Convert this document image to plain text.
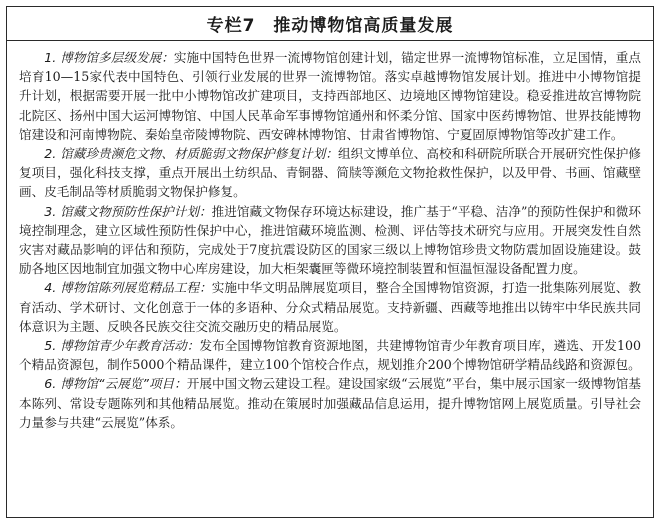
专栏7 推动博物馆高质量发展

1. 博物馆多层级发展：实施中国特色世界一流博物馆创建计划，锚定世界一流博物馆标准，立足国情，重点培育10—15家代表中国特色、引领行业发展的世界一流博物馆。落实卓越博物馆发展计划。推进中小博物馆提升计划，根据需要开展一批中小博物馆改扩建项目，支持西部地区、边境地区博物馆建设。稳妥推进故宫博物院北院区、扬州中国大运河博物馆、中国人民革命军事博物馆通州和怀柔分馆、国家中医药博物馆、世界技能博物馆建设和河南博物院、秦始皇帝陵博物院、西安碑林博物馆、甘肃省博物馆、宁夏固原博物馆等改扩建工作。

2. 馆藏珍贵濒危文物、材质脆弱文物保护修复计划：组织文博单位、高校和科研院所联合开展研究性保护修复项目，强化科技支撑，重点开展出土纺织品、青铜器、简牍等濒危文物抢救性保护，以及甲骨、书画、馆藏壁画、皮毛制品等材质脆弱文物保护修复。

3. 馆藏文物预防性保护计划：推进馆藏文物保存环境达标建设，推广基于“平稳、洁净”的预防性保护和微环境控制理念，建立区域性预防性保护中心，推进馆藏环境监测、检测、评估等技术研究与应用。开展突发性自然灾害对藏品影响的评估和预防，完成处于7度抗震设防区的国家三级以上博物馆珍贵文物防震加固设施建设。鼓励各地区因地制宜加强文物中心库房建设，加大柜架囊匣等微环境控制装置和恒温恒湿设备配置力度。

4. 博物馆陈列展览精品工程：实施中华文明品牌展览项目，整合全国博物馆资源，打造一批集陈列展览、教育活动、学术研讨、文化创意于一体的多语种、分众式精品展览。支持新疆、西藏等地推出以铸牢中华民族共同体意识为主题、反映各民族交往交流交融历史的精品展览。

5. 博物馆青少年教育活动：发布全国博物馆教育资源地图，共建博物馆青少年教育项目库，遴选、开发100个精品资源包，制作5000个精品课件，建立100个馆校合作点，规划推介200个博物馆研学精品线路和资源包。

6. 博物馆“云展览”项目：开展中国文物云建设工程。建设国家级“云展览”平台，集中展示国家一级博物馆基本陈列、常设专题陈列和其他精品展览。推动在策展时加强藏品信息运用，提升博物馆网上展览质量。引导社会力量参与共建“云展览”体系。
